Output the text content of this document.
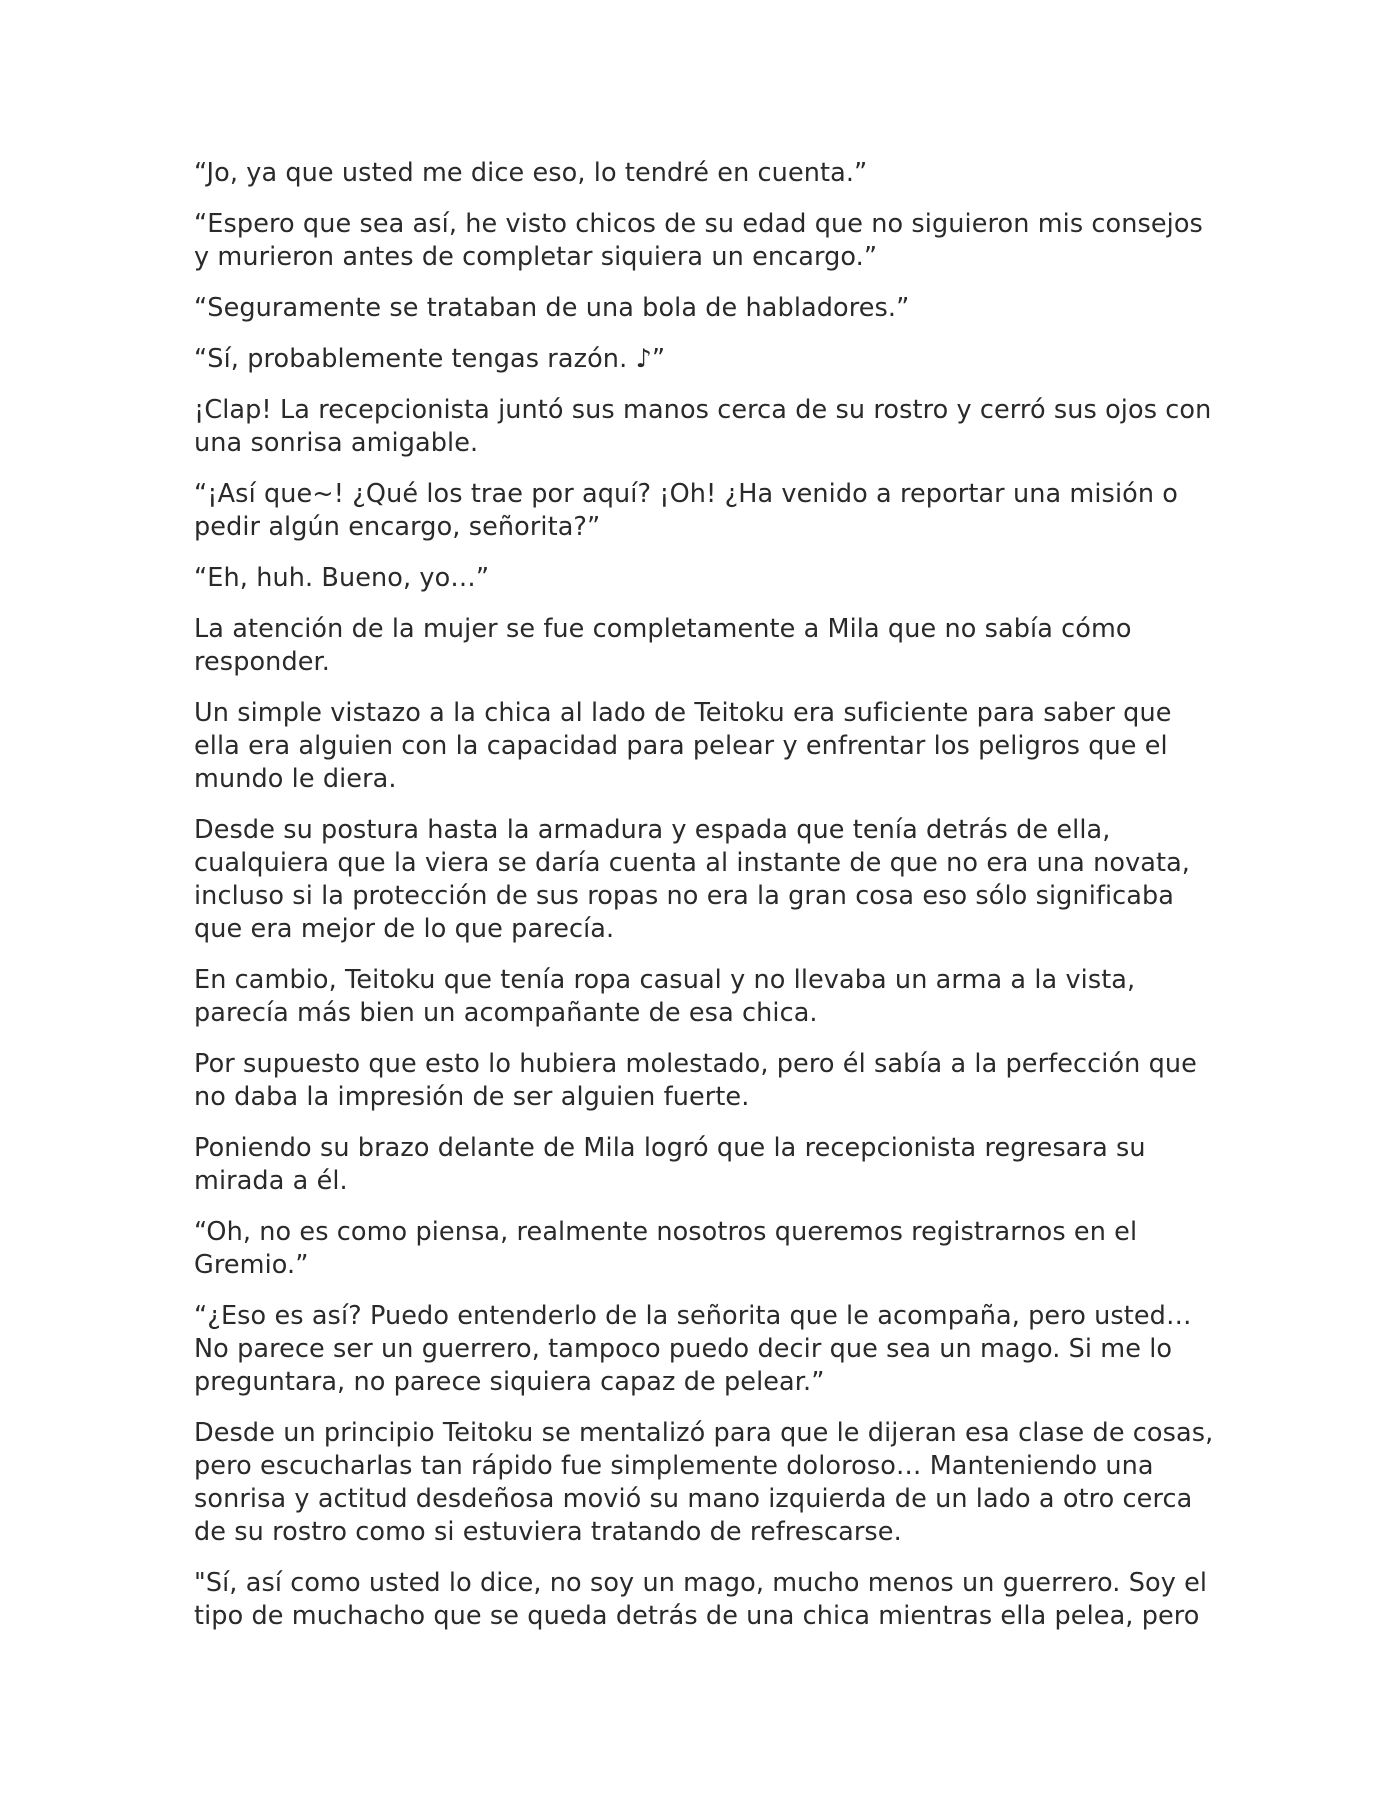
“Jo, ya que usted me dice eso, lo tendré en cuenta.”

“Espero que sea así, he visto chicos de su edad que no siguieron mis consejos y murieron antes de completar siquiera un encargo.”

“Seguramente se trataban de una bola de habladores.”

“Sí, probablemente tengas razón. ♪”

¡Clap! La recepcionista juntó sus manos cerca de su rostro y cerró sus ojos con una sonrisa amigable.

“¡Así que~! ¿Qué los trae por aquí? ¡Oh! ¿Ha venido a reportar una misión o pedir algún encargo, señorita?”

“Eh, huh. Bueno, yo…”

La atención de la mujer se fue completamente a Mila que no sabía cómo responder.

Un simple vistazo a la chica al lado de Teitoku era suficiente para saber que ella era alguien con la capacidad para pelear y enfrentar los peligros que el mundo le diera.

Desde su postura hasta la armadura y espada que tenía detrás de ella, cualquiera que la viera se daría cuenta al instante de que no era una novata, incluso si la protección de sus ropas no era la gran cosa eso sólo significaba que era mejor de lo que parecía.

En cambio, Teitoku que tenía ropa casual y no llevaba un arma a la vista, parecía más bien un acompañante de esa chica.

Por supuesto que esto lo hubiera molestado, pero él sabía a la perfección que no daba la impresión de ser alguien fuerte.

Poniendo su brazo delante de Mila logró que la recepcionista regresara su mirada a él.

“Oh, no es como piensa, realmente nosotros queremos registrarnos en el Gremio.”

“¿Eso es así? Puedo entenderlo de la señorita que le acompaña, pero usted… No parece ser un guerrero, tampoco puedo decir que sea un mago. Si me lo preguntara, no parece siquiera capaz de pelear.”

Desde un principio Teitoku se mentalizó para que le dijeran esa clase de cosas, pero escucharlas tan rápido fue simplemente doloroso… Manteniendo una sonrisa y actitud desdeñosa movió su mano izquierda de un lado a otro cerca de su rostro como si estuviera tratando de refrescarse.

"Sí, así como usted lo dice, no soy un mago, mucho menos un guerrero. Soy el tipo de muchacho que se queda detrás de una chica mientras ella pelea, pero
